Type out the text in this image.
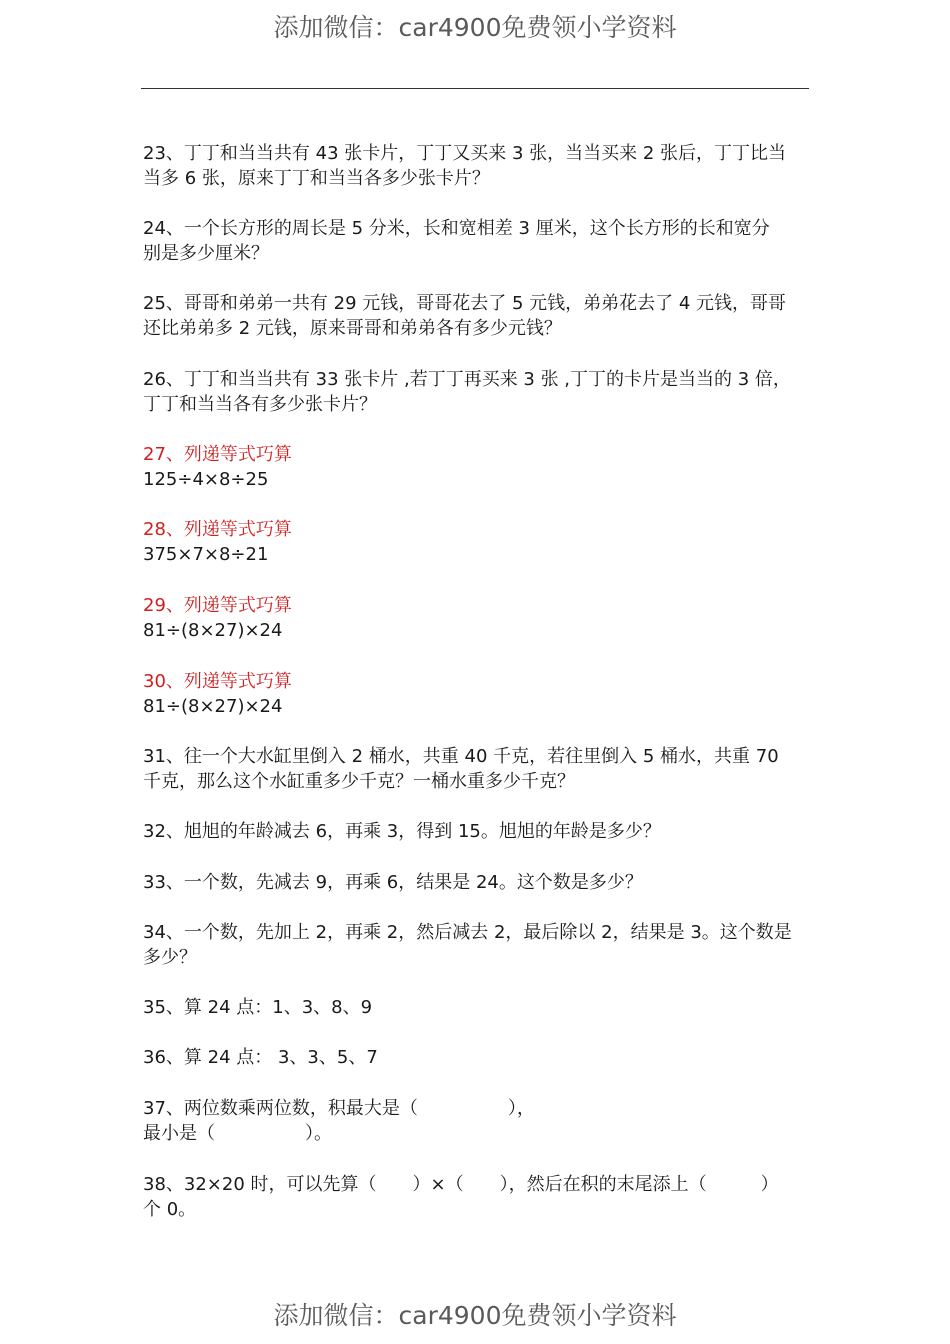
添加微信：car4900免费领小学资料
23、丁丁和当当共有 43 张卡片，丁丁又买来 3 张，当当买来 2 张后，丁丁比当
当多 6 张，原来丁丁和当当各多少张卡片？
24、一个长方形的周长是 5 分米，长和宽相差 3 厘米，这个长方形的长和宽分
别是多少厘米？
25、哥哥和弟弟一共有 29 元钱，哥哥花去了 5 元钱，弟弟花去了 4 元钱，哥哥
还比弟弟多 2 元钱，原来哥哥和弟弟各有多少元钱？
26、丁丁和当当共有 33 张卡片 ,若丁丁再买来 3 张 ,丁丁的卡片是当当的 3 倍，
丁丁和当当各有多少张卡片？
27、列递等式巧算
125÷4×8÷25
28、列递等式巧算
375×7×8÷21
29、列递等式巧算
81÷(8×27)×24
30、列递等式巧算
81÷(8×27)×24
31、往一个大水缸里倒入 2 桶水，共重 40 千克，若往里倒入 5 桶水，共重 70
千克，那么这个水缸重多少千克？一桶水重多少千克？
32、旭旭的年龄减去 6，再乘 3，得到 15。旭旭的年龄是多少？
33、一个数，先减去 9，再乘 6，结果是 24。这个数是多少？
34、一个数，先加上 2，再乘 2，然后减去 2，最后除以 2，结果是 3。这个数是
多少？
35、算 24 点：1、3、8、9
36、算 24 点： 3、3、5、7
37、两位数乘两位数，积最大是（　　　　　），
最小是（　　　　　）。
38、32×20 时，可以先算（　　）×（　　），然后在积的末尾添上（　　　）
个 0。
添加微信：car4900免费领小学资料
